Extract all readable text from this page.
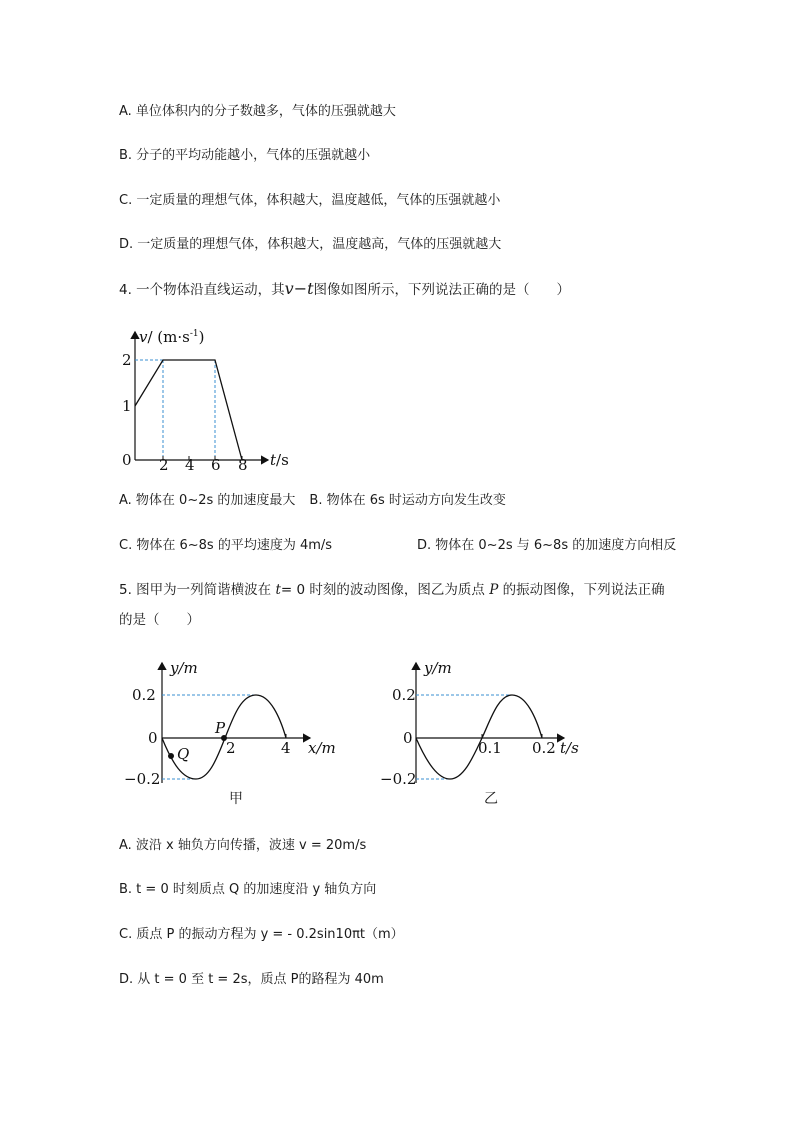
A. 单位体积内的分子数越多，气体的压强就越大
B. 分子的平均动能越小，气体的压强就越小
C. 一定质量的理想气体，体积越大，温度越低，气体的压强就越小
D. 一定质量的理想气体，体积越大，温度越高，气体的压强就越大
4. 一个物体沿直线运动，其v−t图像如图所示，下列说法正确的是（　　）
v/ $(m\cdot s^{-1})$
t/s
2
1
0 2 4 6 8
A. 物体在 0~2s 的加速度最大 B. 物体在 6s 时运动方向发生改变
C. 物体在 6~8s 的平均速度为 4m/s	D. 物体在 0~2s 与 6~8s 的加速度方向相反
5. 图甲为一列简谐横波在 t= 0 时刻的波动图像，图乙为质点 P 的振动图像，下列说法正确
的是（　　）
P
Q
y/m
x/m
0.2
0
−0.2
2	4
甲
y/m
t/s
0.2
0
−0.2
0.1 0.2
乙
A. 波沿 x 轴负方向传播，波速 v = 20m/s
B. t = 0 时刻质点 Q 的加速度沿 y 轴负方向
C. 质点 P 的振动方程为 y = - 0.2sin10πt（m）
D. 从 t = 0 至 t = 2s，质点 P的路程为 40m
